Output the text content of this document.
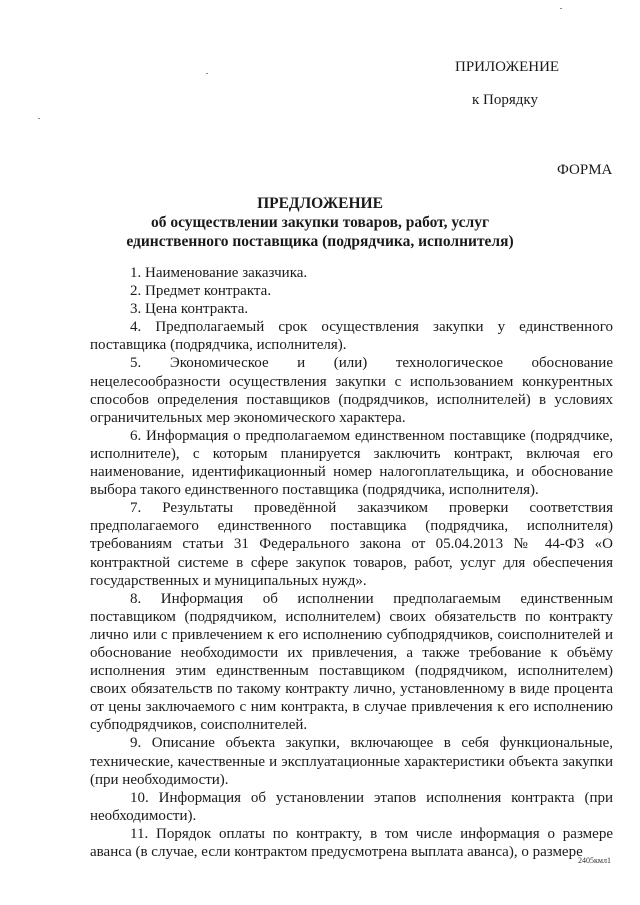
ПРИЛОЖЕНИЕ
к Порядку
ФОРМА
ПРЕДЛОЖЕНИЕ
об осуществлении закупки товаров, работ, услуг
единственного поставщика (подрядчика, исполнителя)

1. Наименование заказчика.

2. Предмет контракта.

3. Цена контракта.

4. Предполагаемый срок осуществления закупки у единственного поставщика (подрядчика, исполнителя).

5. Экономическое и (или) технологическое обоснование нецелесообразности осуществления закупки с использованием конкурентных способов определения поставщиков (подрядчиков, исполнителей) в условиях ограничительных мер экономического характера.

6. Информация о предполагаемом единственном поставщике (подрядчике, исполнителе), с которым планируется заключить контракт, включая его наименование, идентификационный номер налогоплательщика, и обоснование выбора такого единственного поставщика (подрядчика, исполнителя).

7. Результаты проведённой заказчиком проверки соответствия предполагаемого единственного поставщика (подрядчика, исполнителя) требованиям статьи 31 Федерального закона от 05.04.2013 № 44-ФЗ «О контрактной системе в сфере закупок товаров, работ, услуг для обеспечения государственных и муниципальных нужд».

8. Информация об исполнении предполагаемым единственным поставщиком (подрядчиком, исполнителем) своих обязательств по контракту лично или с привлечением к его исполнению субподрядчиков, соисполнителей и обоснование необходимости их привлечения, а также требование к объёму исполнения этим единственным поставщиком (подрядчиком, исполнителем) своих обязательств по такому контракту лично, установленному в виде процента от цены заключаемого с ним контракта, в случае привлечения к его исполнению субподрядчиков, соисполнителей.

9. Описание объекта закупки, включающее в себя функциональные, технические, качественные и эксплуатационные характеристики объекта закупки (при необходимости).

10. Информация об установлении этапов исполнения контракта (при необходимости).

11. Порядок оплаты по контракту, в том числе информация о размере аванса (в случае, если контрактом предусмотрена выплата аванса), о размере

2405кмл1
